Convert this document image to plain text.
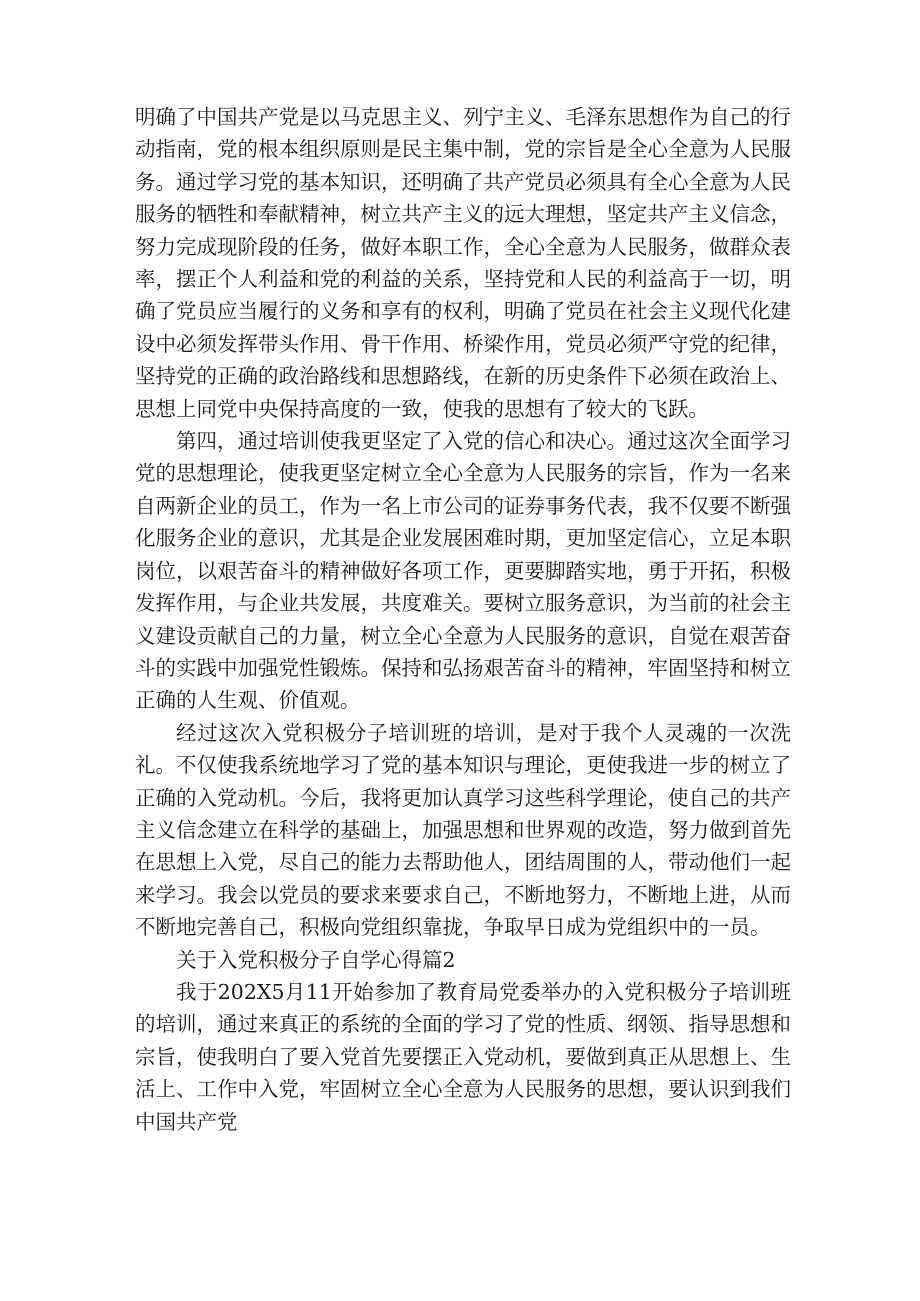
明确了中国共产党是以马克思主义、列宁主义、毛泽东思想作为自己的行动指南，党的根本组织原则是民主集中制，党的宗旨是全心全意为人民服务。通过学习党的基本知识，还明确了共产党员必须具有全心全意为人民服务的牺牲和奉献精神，树立共产主义的远大理想，坚定共产主义信念，努力完成现阶段的任务，做好本职工作，全心全意为人民服务，做群众表率，摆正个人利益和党的利益的关系，坚持党和人民的利益高于一切，明确了党员应当履行的义务和享有的权利，明确了党员在社会主义现代化建设中必须发挥带头作用、骨干作用、桥梁作用，党员必须严守党的纪律，坚持党的正确的政治路线和思想路线，在新的历史条件下必须在政治上、思想上同党中央保持高度的一致，使我的思想有了较大的飞跃。

第四，通过培训使我更坚定了入党的信心和决心。通过这次全面学习党的思想理论，使我更坚定树立全心全意为人民服务的宗旨，作为一名来自两新企业的员工，作为一名上市公司的证券事务代表，我不仅要不断强化服务企业的意识，尤其是企业发展困难时期，更加坚定信心，立足本职岗位，以艰苦奋斗的精神做好各项工作，更要脚踏实地，勇于开拓，积极发挥作用，与企业共发展，共度难关。要树立服务意识，为当前的社会主义建设贡献自己的力量，树立全心全意为人民服务的意识，自觉在艰苦奋斗的实践中加强党性锻炼。保持和弘扬艰苦奋斗的精神，牢固坚持和树立正确的人生观、价值观。

经过这次入党积极分子培训班的培训，是对于我个人灵魂的一次洗礼。不仅使我系统地学习了党的基本知识与理论，更使我进一步的树立了正确的入党动机。今后，我将更加认真学习这些科学理论，使自己的共产主义信念建立在科学的基础上，加强思想和世界观的改造，努力做到首先在思想上入党，尽自己的能力去帮助他人，团结周围的人，带动他们一起来学习。我会以党员的要求来要求自己，不断地努力，不断地上进，从而不断地完善自己，积极向党组织靠拢，争取早日成为党组织中的一员。

关于入党积极分子自学心得篇2

我于202X5月11开始参加了教育局党委举办的入党积极分子培训班的培训，通过来真正的系统的全面的学习了党的性质、纲领、指导思想和宗旨，使我明白了要入党首先要摆正入党动机，要做到真正从思想上、生活上、工作中入党，牢固树立全心全意为人民服务的思想，要认识到我们中国共产党
